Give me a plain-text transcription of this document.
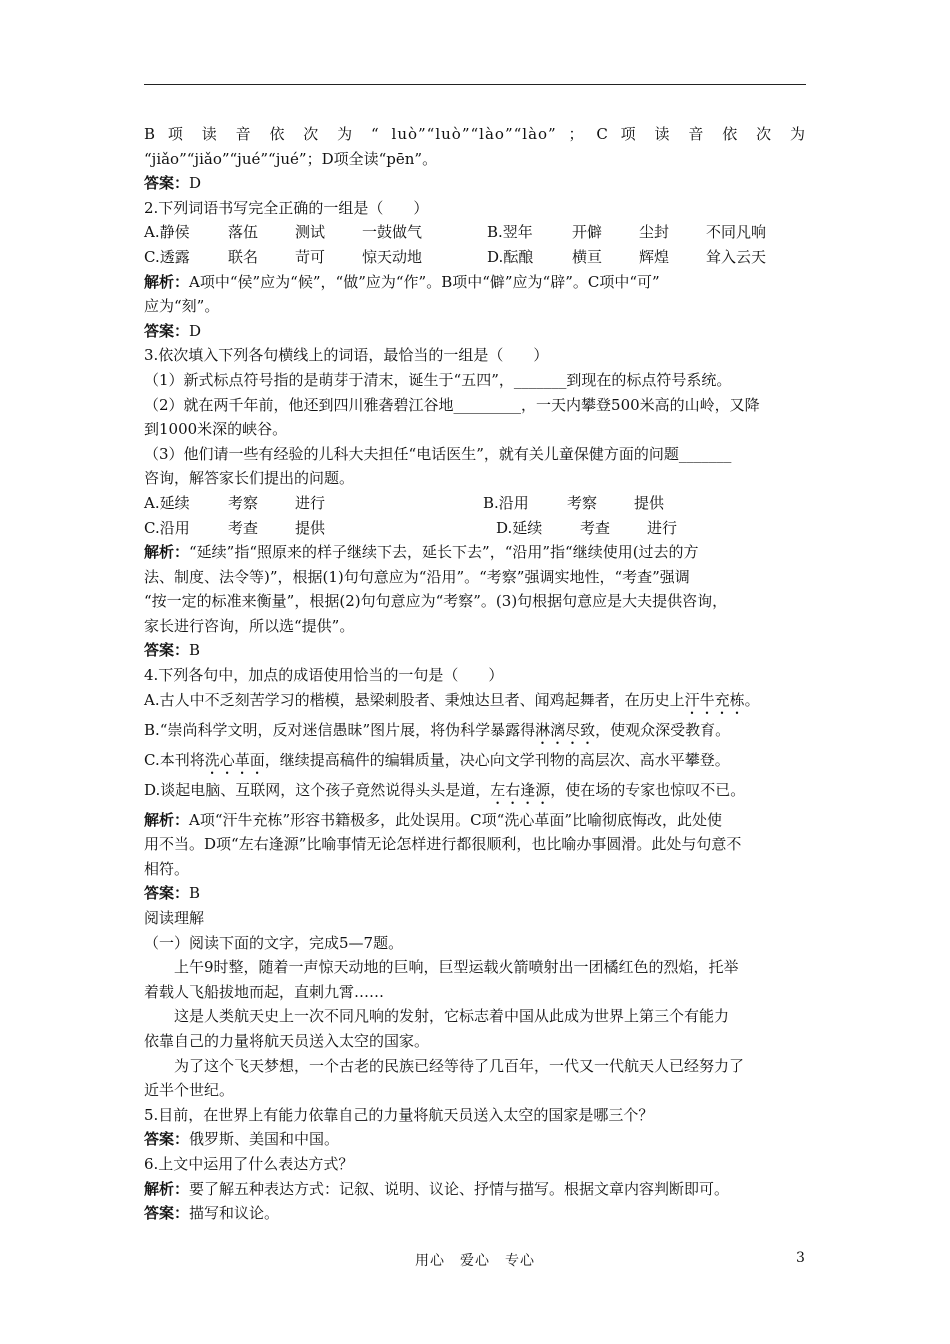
B 项 读 音 依 次 为 “ luò”“luò”“lào”“lào” ； C 项 读 音 依 次 为

“jiǎo”“jiǎo”“jué”“jué”；D项全读“pēn”。

答案：D

2.下列词语书写完全正确的一组是（　　）

A.静侯	落伍	测试	一鼓做气	B.翌年	开僻	尘封	不同凡响
C.透露	联名	苛可	惊天动地	D.酝酿	横亘	辉煌	耸入云天

解析：A项中“侯”应为“候”，“做”应为“作”。B项中“僻”应为“辟”。C项中“可”

应为“刻”。

答案：D

3.依次填入下列各句横线上的词语，最恰当的一组是（　　）

（1）新式标点符号指的是萌芽于清末，诞生于“五四”，_______到现在的标点符号系统。

（2）就在两千年前，他还到四川雅砻碧江谷地_________，一天内攀登500米高的山岭，又降

到1000米深的峡谷。

（3）他们请一些有经验的儿科大夫担任“电话医生”，就有关儿童保健方面的问题_______

咨询，解答家长们提出的问题。

A.延续	考察	进行	B.沿用	考察	提供
C.沿用	考查	提供	D.延续	考查	进行

解析：“延续”指“照原来的样子继续下去，延长下去”，“沿用”指“继续使用(过去的方

法、制度、法令等)”，根据(1)句句意应为“沿用”。“考察”强调实地性，“考查”强调

“按一定的标准来衡量”，根据(2)句句意应为“考察”。(3)句根据句意应是大夫提供咨询，

家长进行咨询，所以选“提供”。

答案：B

4.下列各句中，加点的成语使用恰当的一句是（　　）

A.古人中不乏刻苦学习的楷模，悬梁刺股者、秉烛达旦者、闻鸡起舞者，在历史上汗牛充栋。

B.“崇尚科学文明，反对迷信愚昧”图片展，将伪科学暴露得淋漓尽致，使观众深受教育。

C.本刊将洗心革面，继续提高稿件的编辑质量，决心向文学刊物的高层次、高水平攀登。

D.谈起电脑、互联网，这个孩子竟然说得头头是道，左右逢源，使在场的专家也惊叹不已。

解析：A项“汗牛充栋”形容书籍极多，此处误用。C项“洗心革面”比喻彻底悔改，此处使

用不当。D项“左右逢源”比喻事情无论怎样进行都很顺利，也比喻办事圆滑。此处与句意不

相符。

答案：B

阅读理解

（一）阅读下面的文字，完成5—7题。

上午9时整，随着一声惊天动地的巨响，巨型运载火箭喷射出一团橘红色的烈焰，托举

着载人飞船拔地而起，直刺九霄……

这是人类航天史上一次不同凡响的发射，它标志着中国从此成为世界上第三个有能力

依靠自己的力量将航天员送入太空的国家。

为了这个飞天梦想，一个古老的民族已经等待了几百年，一代又一代航天人已经努力了

近半个世纪。

5.目前，在世界上有能力依靠自己的力量将航天员送入太空的国家是哪三个？

答案：俄罗斯、美国和中国。

6.上文中运用了什么表达方式？

解析：要了解五种表达方式：记叙、说明、议论、抒情与描写。根据文章内容判断即可。

答案：描写和议论。

用心　爱心　专心	3
